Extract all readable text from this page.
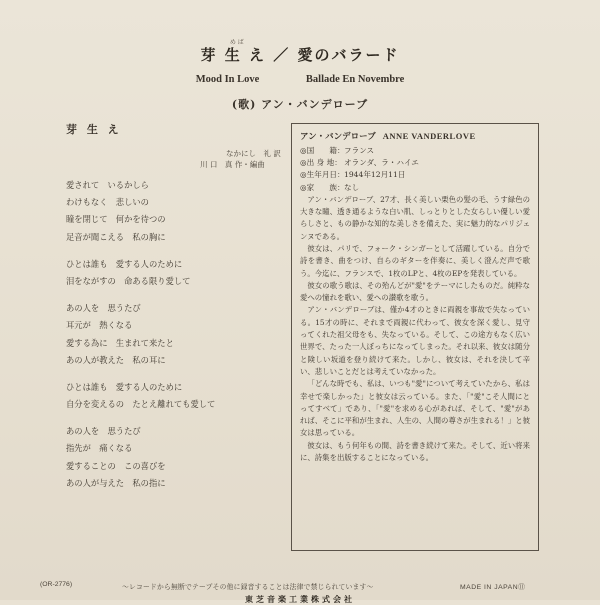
め ば
芽 生 え ／ 愛のバラード
Mood In Love	Ballade En Novembre
(歌) アン・バンデローブ
芽 生 え
なかにし　礼 訳
川 口　真 作・編曲
愛されて　いるかしら
わけもなく　悲しいの
瞳を閉じて　何かを待つの
足音が聞こえる　私の胸に
ひとは誰も　愛する人のために
泪をながすの　命ある限り愛して
あの人を　思うたび
耳元が　熱くなる
愛する為に　生まれて来たと
あの人が教えた　私の耳に
ひとは誰も　愛する人のために
自分を変えるの　たとえ離れても愛して
あの人を　思うたび
指先が　痛くなる
愛することの　この喜びを
あの人が与えた　私の指に
アン・バンデローブ ANNE VANDERLOVE
◎国　　籍：フランス
◎出 身 地： オランダ、ラ・ハイエ
◎生年月日：1944年12月11日
◎家　　族：なし

アン・バンデローブ、27才、長く美しい栗色の髪の毛、うす緑色の大きな瞳、透き通るような白い肌、しっとりとした女らしい優しい愛らしさと、もの静かな知的な美しさを備えた、実に魅力的なパリジェンヌである。

彼女は、パリで、フォーク・シンガーとして活躍している。自分で詩を書き、曲をつけ、自らのギターを伴奏に、美しく澄んだ声で歌う。今迄に、フランスで、1枚のLPと、4枚のEPを発表している。

彼女の歌う歌は、その殆んどが"愛"をテーマにしたものだ。純粋な愛への憧れを歌い、愛への讃歌を歌う。

アン・バンデローブは、僅か4才のときに両親を事故で失なっている。15才の時に、それまで両親に代わって、彼女を深く愛し、見守ってくれた祖父母をも、失なっている。そして、この途方もなく広い世界で、たった一人ぼっちになってしまった。それ以来、彼女は随分と険しい坂道を登り続けて来た。しかし、彼女は、それを決して辛い、悲しいことだとは考えていなかった。

「どんな時でも、私は、いつも"愛"について考えていたから、私は幸せで楽しかった」と彼女は云っている。また、「"愛"こそ人間にとってすべて」であり、「"愛"を求める心があれば、そして、"愛"があれば、そこに平和が生まれ、人生の、人間の尊さが生まれる！」と彼女は思っている。

彼女は、もう何年もの間、詩を書き続けて来た。そして、近い将来に、詩集を出版することになっている。

(OR-2776)	～レコードから無断でテープその他に録音することは法律で禁じられています～	MADE IN JAPAN⑪
東芝音楽工業株式会社
